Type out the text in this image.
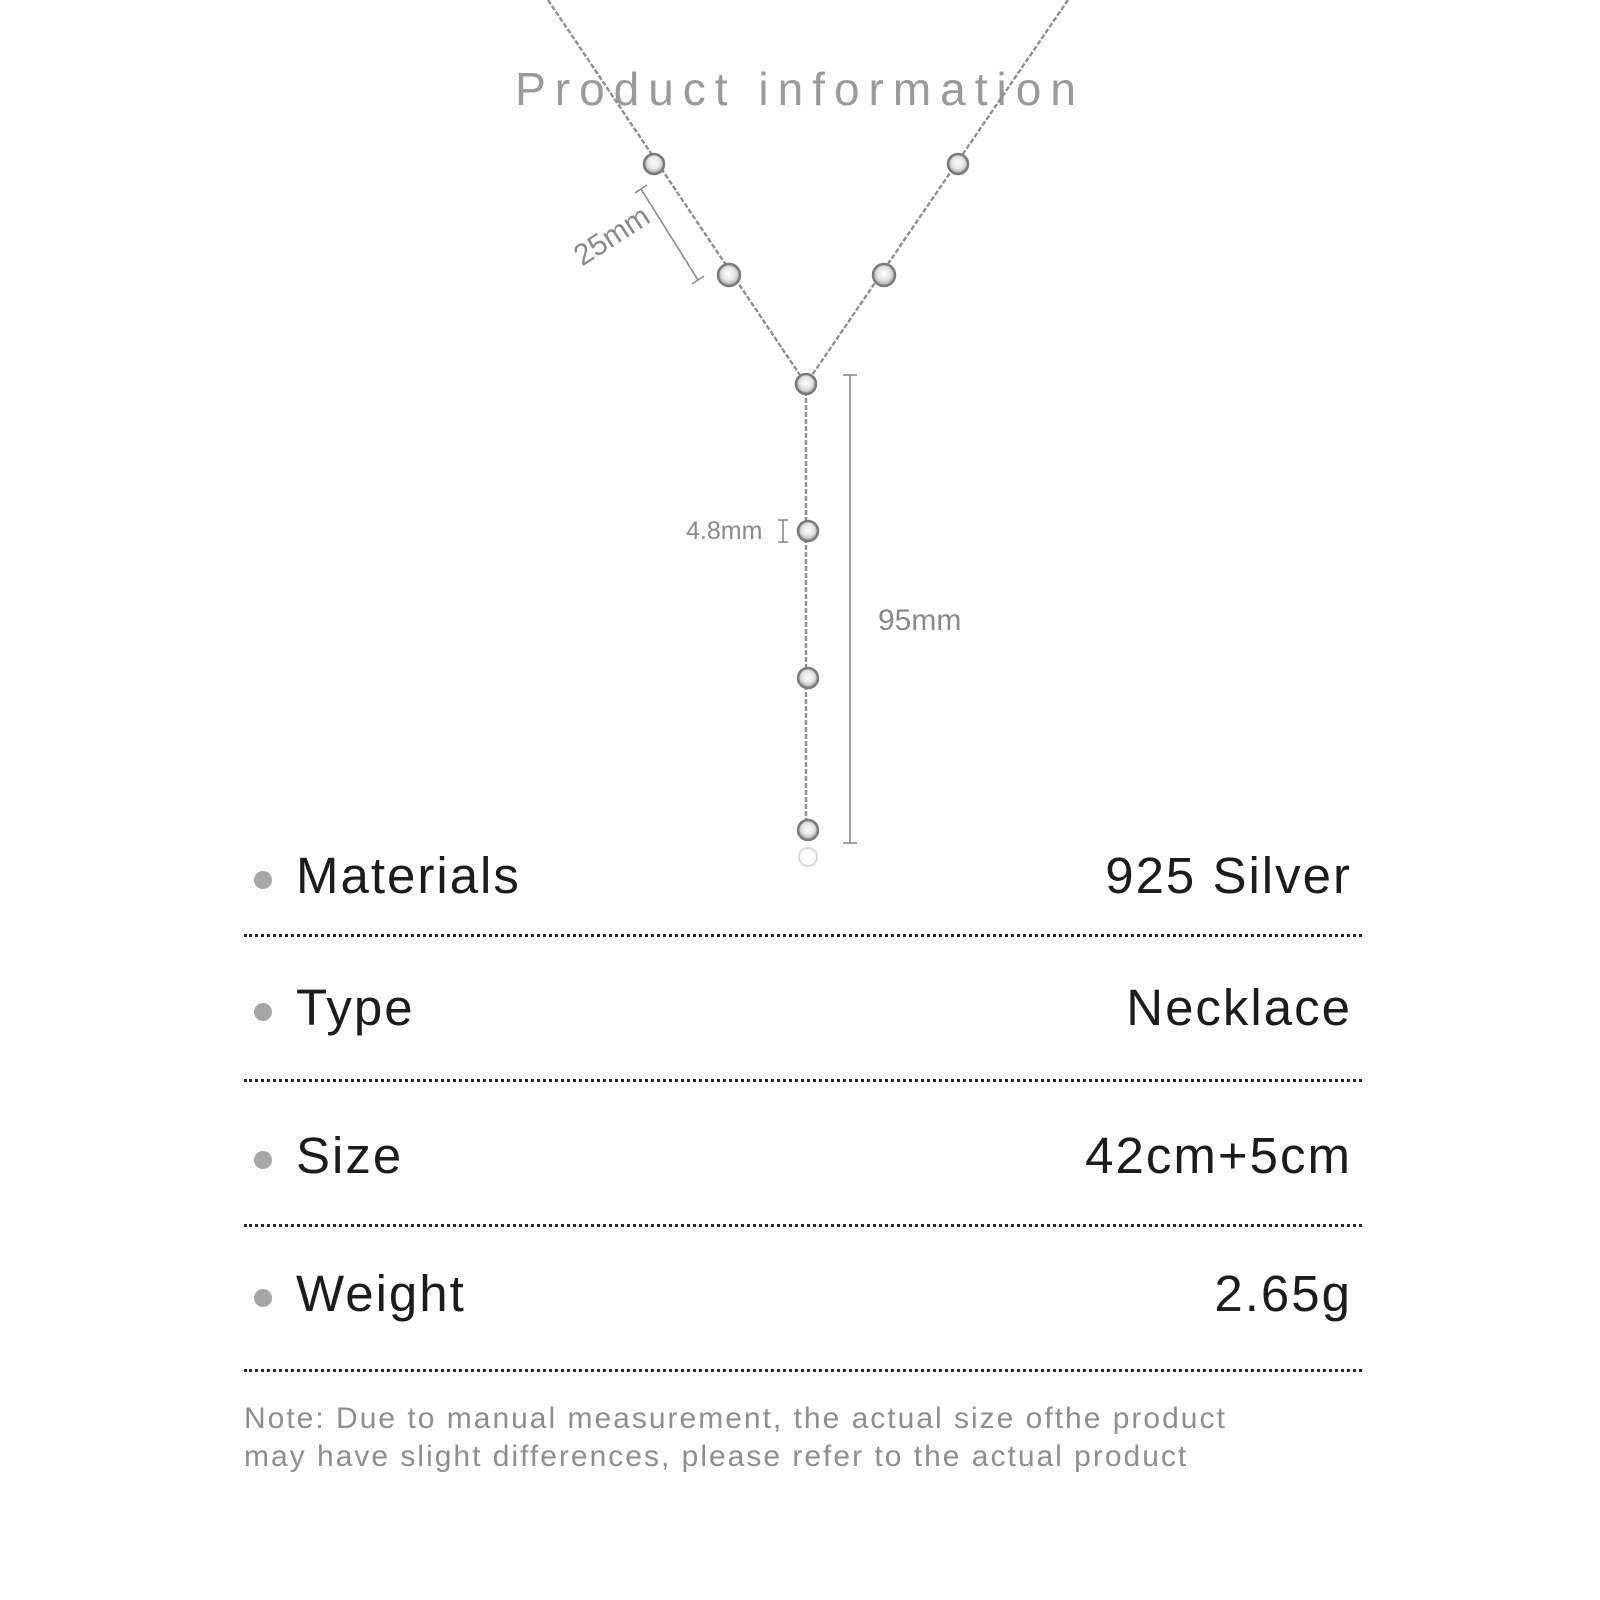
Product information
25mm
4.8mm
95mm
Materials	925 Silver
Type	Necklace
Size	42cm+5cm
Weight	2.65g
Note: Due to manual measurement, the actual size ofthe product
may have slight differences, please refer to the actual product
